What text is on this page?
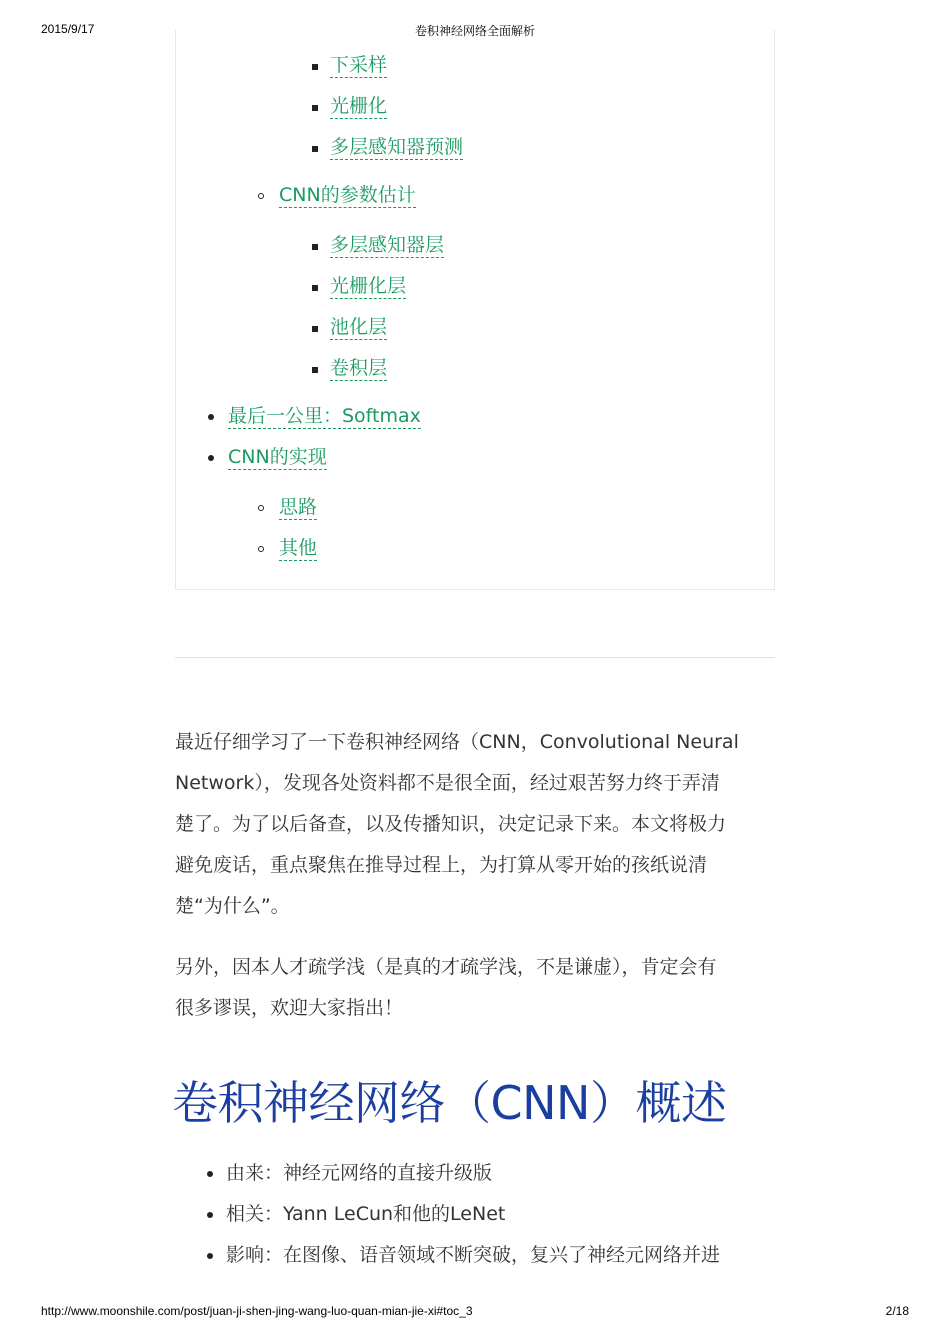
2015/9/17	卷积神经网络全面解析
下采样
光栅化
多层感知器预测
CNN的参数估计
多层感知器层
光栅化层
池化层
卷积层
最后一公里：Softmax
CNN的实现
思路
其他
最近仔细学习了一下卷积神经网络（CNN，Convolutional Neural
Network），发现各处资料都不是很全面，经过艰苦努力终于弄清
楚了。为了以后备查，以及传播知识，决定记录下来。本文将极力
避免废话，重点聚焦在推导过程上，为打算从零开始的孩纸说清
楚“为什么”。
另外，因本人才疏学浅（是真的才疏学浅，不是谦虚），肯定会有
很多谬误，欢迎大家指出！
卷积神经网络（CNN）概述
由来：神经元网络的直接升级版
相关：Yann LeCun和他的LeNet
影响：在图像、语音领域不断突破，复兴了神经元网络并进
http://www.moonshile.com/post/juan-ji-shen-jing-wang-luo-quan-mian-jie-xi#toc_3	2/18
